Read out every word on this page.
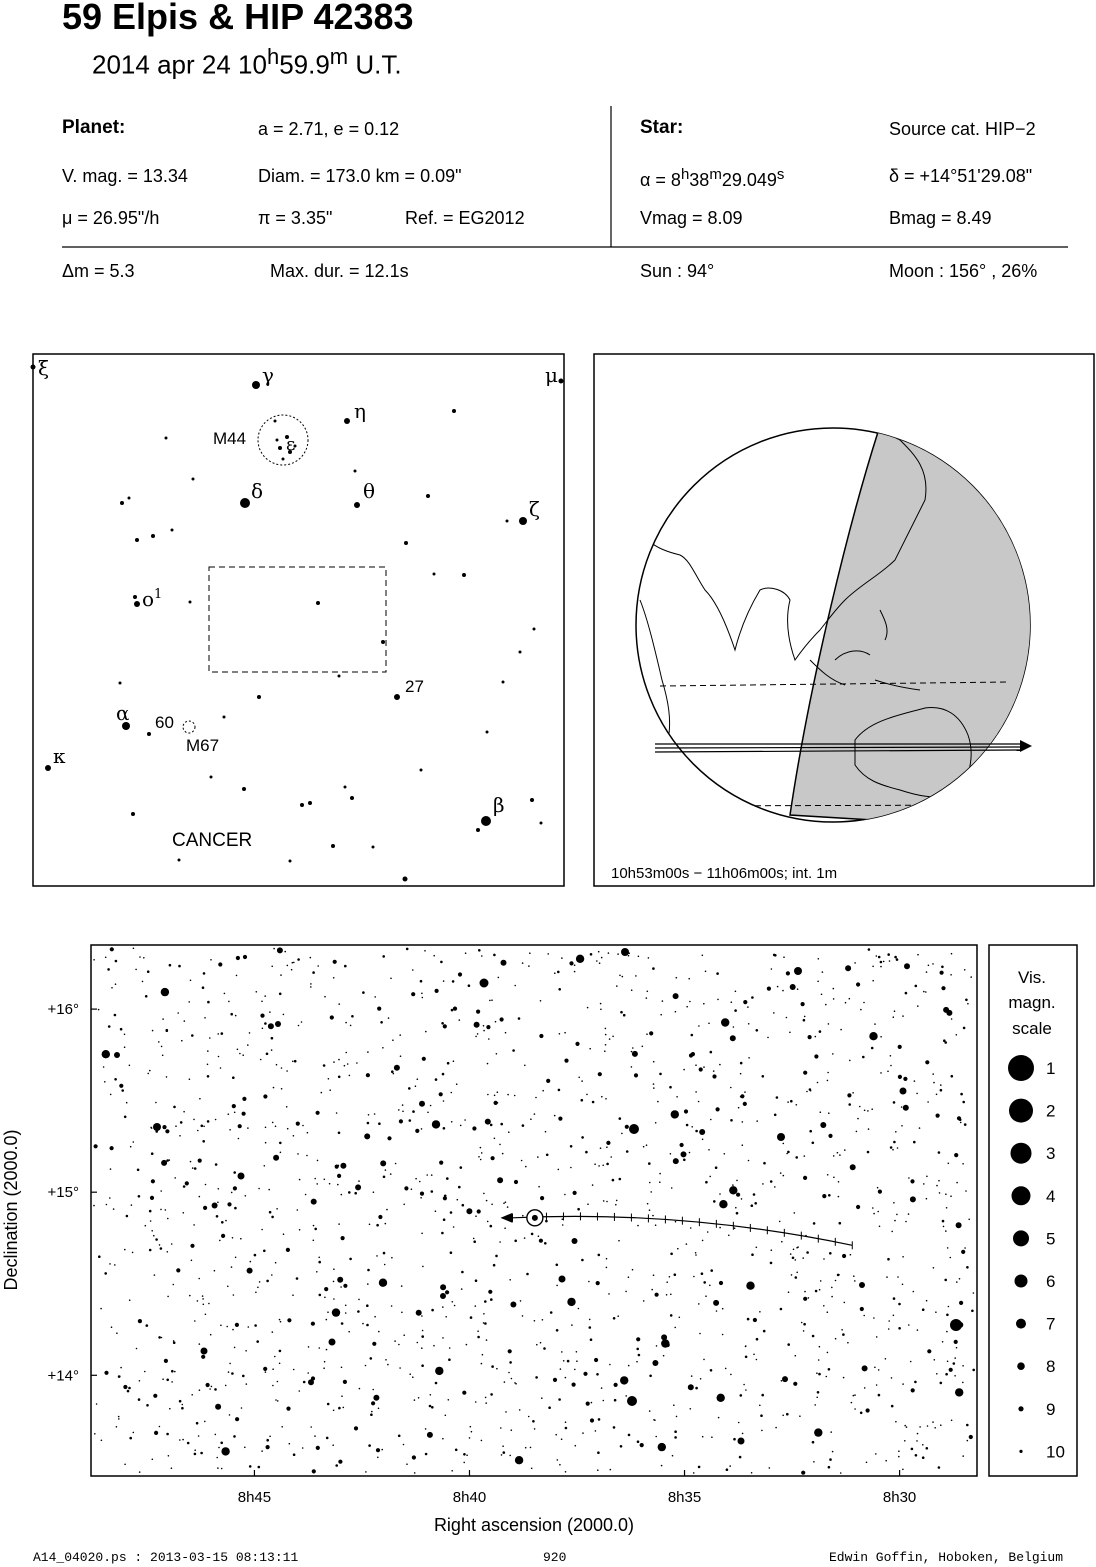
59 Elpis & HIP 42383
2014 apr 24 10$^h$59.9$^m$ U.T.
Planet:	a = 2.71, e = 0.12
V. mag. = 13.34	Diam. = 173.0 km = 0.09"
μ = 26.95"/h	π = 3.35"	Ref. = EG2012
Δm = 5.3	Max. dur. = 12.1s
Star:	Source cat. HIP−2
$\alpha = 8^h38^m29.049^s$	δ = +14°51'29.08"
Vmag = 8.09	Bmag = 8.49
Sun : 94°	Moon : 156° , 26%
ξ	γ	μ
η
M44 ε
δ	θ
ζ
$o^1$
27
α 60
M67
κ
β
CANCER
10h53m00s − 11h06m00s; int. 1m
8h45	8h40	8h35	8h30
+16°
+15°
+14°
Right ascension (2000.0)
Declination (2000.0)
Vis.
magn.
scale
1
2
3
4
5
6
7
8
9
10
A14_04020.ps : 2013-03-15 08:13:11	920	Edwin Goffin, Hoboken, Belgium
